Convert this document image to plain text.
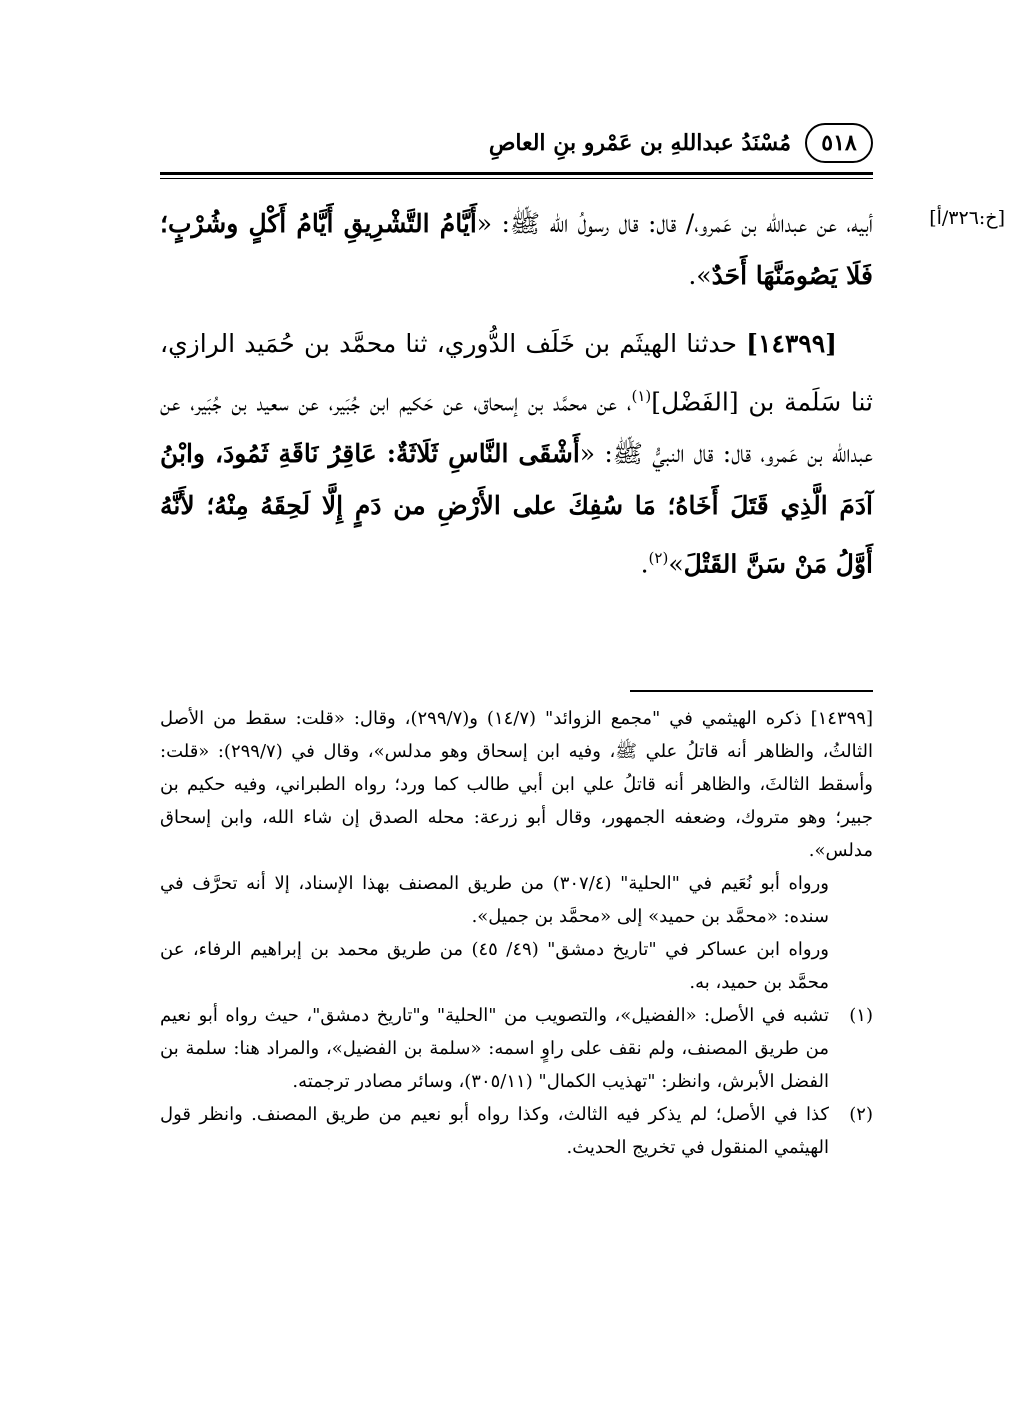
٥١٨
مُسْنَدُ عبداللهِ بن عَمْرو بنِ العاصِ
[خ:٣٢٦/أ]

أبيه، عن عبدالله بن عَمرو،/ قال: قال رسولُ الله ﷺ: «أَيَّامُ التَّشْرِيقِ أَيَّامُ أَكْلٍ وشُرْبٍ؛ فَلَا يَصُومَنَّهَا أَحَدٌ».

[١٤٣٩٩] حدثنا الهيثَم بن خَلَف الدُّوري، ثنا محمَّد بن حُمَيد الرازي، ثنا سَلَمة بن [الفَضْل]$^{(١)}$، عن محمَّد بن إسحاق، عن حَكيم ابن جُبَير، عن سعيد بن جُبَير، عن عبدالله بن عَمرو، قال: قال النبيُّ ﷺ: «أَشْقَى النَّاسِ ثَلَاثَةٌ: عَاقِرُ نَاقَةِ ثَمُودَ، وابْنُ آدَمَ الَّذِي قَتَلَ أَخَاهُ؛ مَا سُفِكَ على الأَرْضِ من دَمٍ إِلَّا لَحِقَهُ مِنْهُ؛ لأَنَّهُ أَوَّلُ مَنْ سَنَّ القَتْلَ»$^{(٢)}$.

[١٤٣٩٩] ذكره الهيثمي في "مجمع الزوائد" (١٤/٧) و(٢٩٩/٧)، وقال: «قلت: سقط من الأصل الثالثُ، والظاهر أنه قاتلُ علي ﷺ، وفيه ابن إسحاق وهو مدلس»، وقال في (٢٩٩/٧): «قلت: وأسقط الثالثَ، والظاهر أنه قاتلُ علي ابن أبي طالب كما ورد؛ رواه الطبراني، وفيه حكيم بن جبير؛ وهو متروك، وضعفه الجمهور، وقال أبو زرعة: محله الصدق إن شاء الله، وابن إسحاق مدلس».

ورواه أبو نُعَيم في "الحلية" (٣٠٧/٤) من طريق المصنف بهذا الإسناد، إلا أنه تحرَّف في سنده: «محمَّد بن حميد» إلى «محمَّد بن جميل».

ورواه ابن عساكر في "تاريخ دمشق" (٤٩/ ٤٥) من طريق محمد بن إبراهيم الرفاء، عن محمَّد بن حميد، به.

(١)
تشبه في الأصل: «الفضيل»، والتصويب من "الحلية" و"تاريخ دمشق"، حيث رواه أبو نعيم من طريق المصنف، ولم نقف على راوٍ اسمه: «سلمة بن الفضيل»، والمراد هنا: سلمة بن الفضل الأبرش، وانظر: "تهذيب الكمال" (٣٠٥/١١)، وسائر مصادر ترجمته.
(٢)
كذا في الأصل؛ لم يذكر فيه الثالث، وكذا رواه أبو نعيم من طريق المصنف. وانظر قول الهيثمي المنقول في تخريج الحديث.
